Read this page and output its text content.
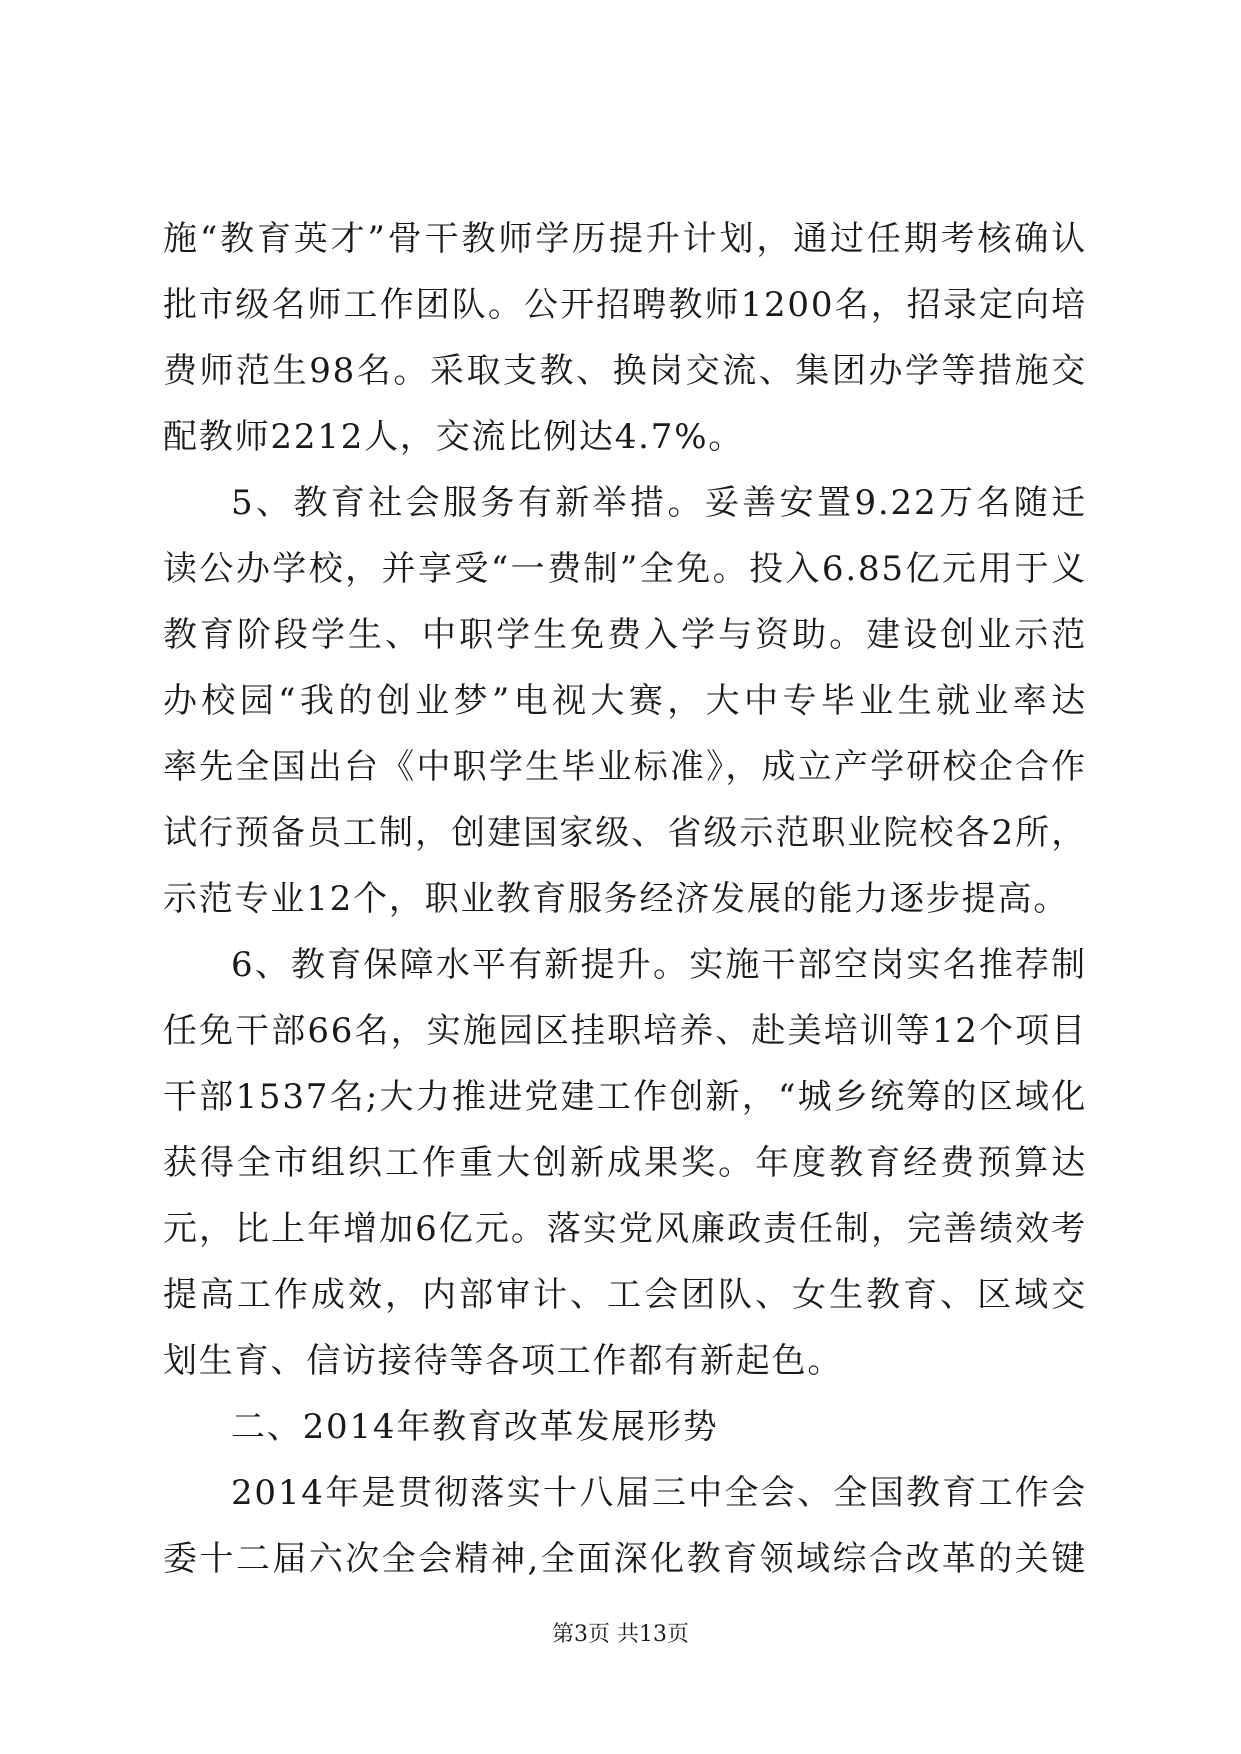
施“教育英才”骨干教师学历提升计划，通过任期考核确认
批市级名师工作团队。公开招聘教师1200名，招录定向培
费师范生98名。采取支教、换岗交流、集团办学等措施交
配教师2212人，交流比例达4.7%。
5、教育社会服务有新举措。妥善安置9.22万名随迁
读公办学校，并享受“一费制”全免。投入6.85亿元用于义
教育阶段学生、中职学生免费入学与资助。建设创业示范
办校园“我的创业梦”电视大赛，大中专毕业生就业率达
率先全国出台《中职学生毕业标准》，成立产学研校企合作
试行预备员工制，创建国家级、省级示范职业院校各2所，
示范专业12个，职业教育服务经济发展的能力逐步提高。
6、教育保障水平有新提升。实施干部空岗实名推荐制
任免干部66名，实施园区挂职培养、赴美培训等12个项目
干部1537名;大力推进党建工作创新，“城乡统筹的区域化
获得全市组织工作重大创新成果奖。年度教育经费预算达
元，比上年增加6亿元。落实党风廉政责任制，完善绩效考
提高工作成效，内部审计、工会团队、女生教育、区域交
划生育、信访接待等各项工作都有新起色。
二、2014年教育改革发展形势
2014年是贯彻落实十八届三中全会、全国教育工作会
委十二届六次全会精神,全面深化教育领域综合改革的关键
第3页 共13页
